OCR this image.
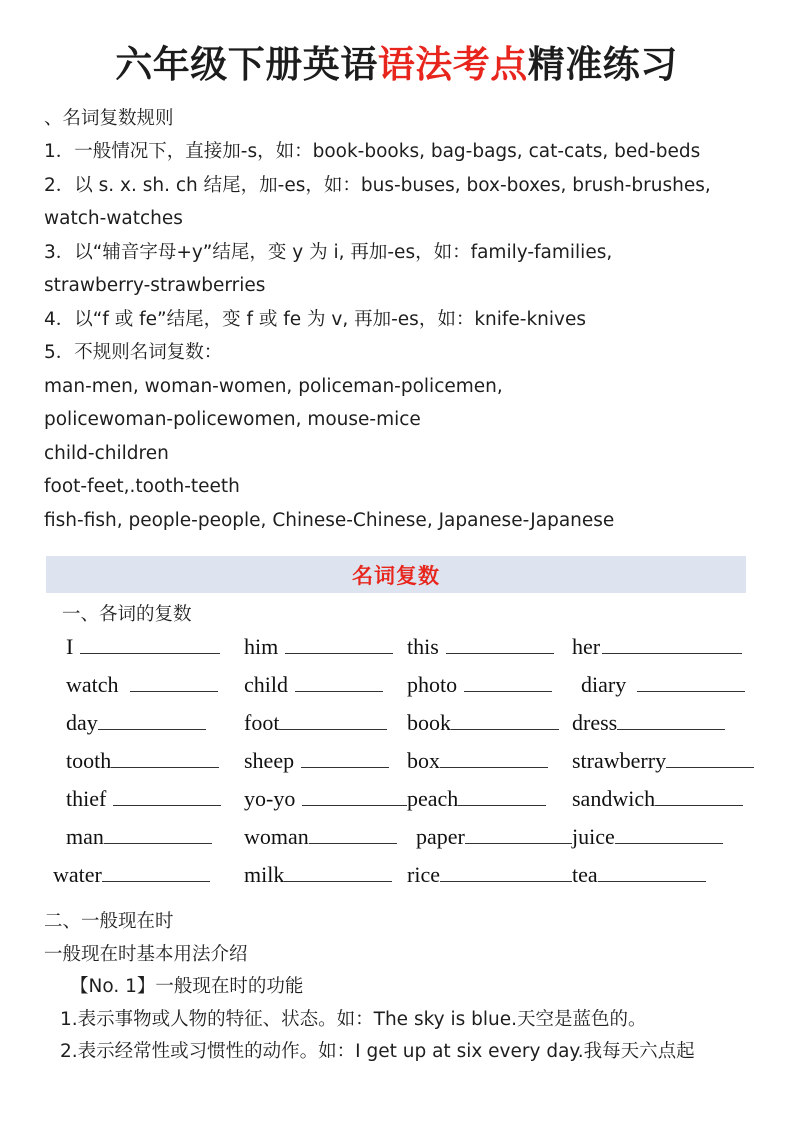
六年级下册英语语法考点精准练习
、名词复数规则
1．一般情况下，直接加-s，如：book-books, bag-bags, cat-cats, bed-beds
2．以 s. x. sh. ch 结尾，加-es，如：bus-buses, box-boxes, brush-brushes,
watch-watches
3．以“辅音字母+y”结尾，变 y 为 i, 再加-es，如：family-families,
strawberry-strawberries
4．以“f 或 fe”结尾，变 f 或 fe 为 v, 再加-es，如：knife-knives
5．不规则名词复数：
man-men, woman-women, policeman-policemen,
policewoman-policewomen, mouse-mice
child-children
foot-feet,.tooth-teeth
fish-fish, people-people, Chinese-Chinese, Japanese-Japanese
名词复数
一、各词的复数
I	him	this	her
watch	child	photo	diary
day	foot	book	dress
tooth	sheep	box	strawberry
thief	yo-yo	peach	sandwich
man	woman	paper	juice
water	milk	rice	tea
二、一般现在时
一般现在时基本用法介绍
【No. 1】一般现在时的功能
1.表示事物或人物的特征、状态。如：The sky is blue.天空是蓝色的。
2.表示经常性或习惯性的动作。如：I get up at six every day.我每天六点起
